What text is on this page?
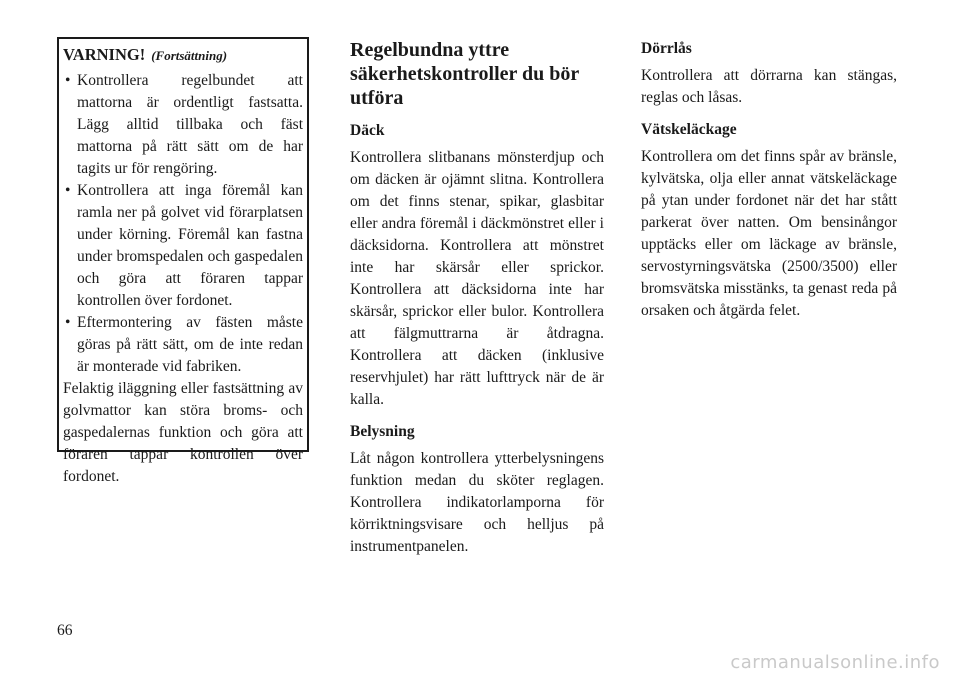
VARNING! (Fortsättning)
• Kontrollera regelbundet att mattorna är ordentligt fastsatta. Lägg alltid tillbaka och fäst mattorna på rätt sätt om de har tagits ur för rengöring.
• Kontrollera att inga föremål kan ramla ner på golvet vid förarplatsen under körning. Föremål kan fastna under bromspedalen och gaspedalen och göra att föraren tappar kontrollen över fordonet.
• Eftermontering av fästen måste göras på rätt sätt, om de inte redan är monterade vid fabriken.
Felaktig iläggning eller fastsättning av golvmattor kan störa broms- och gaspedalernas funktion och göra att föraren tappar kontrollen över fordonet.
Regelbundna yttre säkerhetskontroller du bör utföra
Däck

Kontrollera slitbanans mönsterdjup och om däcken är ojämnt slitna. Kontrollera om det finns stenar, spikar, glasbitar eller andra föremål i däckmönstret eller i däcksidorna. Kontrollera att mönstret inte har skärsår eller sprickor. Kontrollera att däcksidorna inte har skärsår, sprickor eller bulor. Kontrollera att fälgmuttrarna är åtdragna. Kontrollera att däcken (inklusive reservhjulet) har rätt lufttryck när de är kalla.

Belysning

Låt någon kontrollera ytterbelysningens funktion medan du sköter reglagen. Kontrollera indikatorlamporna för körriktningsvisare och helljus på instrumentpanelen.

Dörrlås

Kontrollera att dörrarna kan stängas, reglas och låsas.

Vätskeläckage

Kontrollera om det finns spår av bränsle, kylvätska, olja eller annat vätskeläckage på ytan under fordonet när det har stått parkerat över natten. Om bensinångor upptäcks eller om läckage av bränsle, servostyrningsvätska (2500/3500) eller bromsvätska misstänks, ta genast reda på orsaken och åtgärda felet.

66
carmanualsonline.info
